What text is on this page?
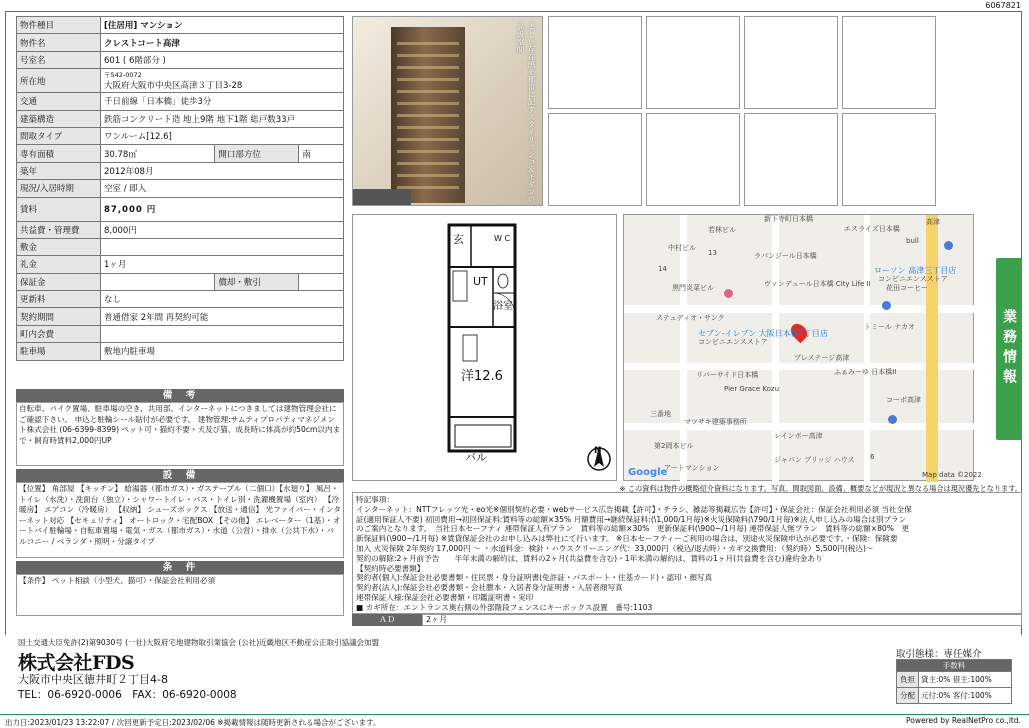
6067821
物件種目	[住居用] マンション		
物件名	クレストコート高津		
号室名	601 ( 6階部分 )		
所在地	〒542-0072
大阪府大阪市中央区高津３丁目3-28		

交通	千日前線「日本橋」徒歩3分		
建築構造	鉄筋コンクリート造 地上9階 地下1階 総戸数33戸		
間取タイプ	ワンルーム[12.6]		
専有面積	30.78㎡	開口部方位	南
築年	2012年08月		
現況/入居時期	空室 / 即入		
賃料	87,000 円		
共益費・管理費	8,000円		
敷金			
礼金	1ヶ月		
保証金		償却・敷引	
更新料	なし		
契約期間	普通借家 2年間 再契約可能		
町内会費			
駐車場	敷地内駐車場		
備　考
自転車、バイク置場、駐車場の空き、共用部、インターネットにつきましては建物管理会社にご確認下さい。 申込と駐輪シール貼付が必要です。 建物管理:サムティプロパティマネジメント株式会社 (06-6399-8399) ペット可・猫約不要・犬及び猫、成長時に体高が約50cm以内まで・飼育時賃料2,000円UP
設　備
【位置】 角部屋 【キッチン】 給湯器（都市ガス）・ガステーブル（二個口）【水廻り】 風呂・トイレ（水洗）・洗面台（独立）・シャワートイレ・バス・トイレ別・洗濯機置場（室内） 【冷暖房】 エアコン（冷暖房） 【収納】 シューズボックス 【放送・通信】 光ファイバー・インターネット対応 【セキュリティ】 オートロック・宅配BOX 【その他】 エレベーター（1基）・オートバイ駐輪場・自転車置場・電気・ガス（都市ガス）・水道（公営）・排水（公共下水）・バルコニー / ベランダ・照明・分譲タイプ
条　件
【条件】 ペット相談（小型犬、猫可）・保証会社利用必須
美しい存在感を都市に記すスタイリッシュ＆モダンの高級空間
玄	W C
UT
浴室
洋12.6
バル	N
高津
新下寺町日本橋
若林ビル	エスライズ日本橋
bull
中村ビル
13	ラパンジール日本橋
14
ヴァンデュール日本橋 City Life II
ローソン 高津三丁目店
コンビニエンスストア
黒門炎菜ビル	花田コーヒー
ステュディオ・サンク
トミール ナカオ
セブン-イレブン 大阪日本橋1丁目店
コンビニエンスストア
プレステージ高津
リバーサイド日本橋	ふぁみーゆ 日本橋II
Pier Grace Kozu
コーポ高津
三番地
マツサキ建築事務所
レインボー高津
第2岡本ビル
ジャパン ブリッジ ハウス 6
アートマンション
Map data ©2022
Google
業務情報
※ この資料は物件の概略紹介資料になります。写真、間取図面、設備、概要などが現況と異なる場合は現況優先となります。
特記事項：
インターネット：NTTフレッツ光・eo光※個別契約必要・webサービス広告掲載【許可】・チラシ、雑誌等掲載広告【許可】・保証会社：保証会社利用必須 当社全保
証(適用保証人不要) 初回費用→初回保証料:賃料等の総額×35% 月額費用→継続保証料:(\1,000/1月毎)※火災保険料(\790/1月毎)※法人申し込みの場合は別プラン
のご案内となります。　当社日本セーフティ 連帯保証人有プラン　賃料等の総額×30%　更新保証料(\900~/1月毎) 連帯保証人無プラン　賃料等の総額×80%　更
新保証料(\900~/1月毎) ※賃貸保証会社のお申し込みは弊社にて行います。 ※日本セーフティーご利用の場合は、別途火災保険申込が必要です。・保険：保険要
加入 火災保険 2年契約 17,000円 ～ ・水道料金：検針・ハウスクリーニング代：33,000円（税込/退去時）・カギ交換費用：（契約時）5,500円(税込)～
契約の解除:2ヶ月前予告　　半年未満の解約は、賃料の2ヶ月(共益費を含む)・1年未満の解約は、賃料の1ヶ月(共益費を含む)違約金あり
【契約時必要書類】
契約者(個人):保証会社必要書類・住民票・身分証明書(免許証・パスポート・住基カード)・認印・顔写真
契約者(法人):保証会社必要書類・会社謄本・入居者身分証明書・入居者顔写真
連帯保証人様:保証会社必要書類・印鑑証明書・実印
■ カギ所在：エントランス奥右側の外部階段フェンスにキーボックス設置　番号:1103
ＡＤ	2ヶ月
国土交通大臣免許(2)第9030号 (一社)大阪府宅地建物取引業協会 (公社)近畿地区不動産公正取引協議会加盟
株式会社FDS
大阪市中央区徳井町２丁目4-8
TEL：06-6920-0006　FAX：06-6920-0008
取引態様：専任媒介
手数料	
負担	貸主:0% 借主:100%
分配	元付:0% 客付:100%
出力日:2023/01/23 13:22:07 / 次回更新予定日:2023/02/06 ※掲載情報は随時更新される場合がございます。	Powered by RealNetPro co.,ltd.
